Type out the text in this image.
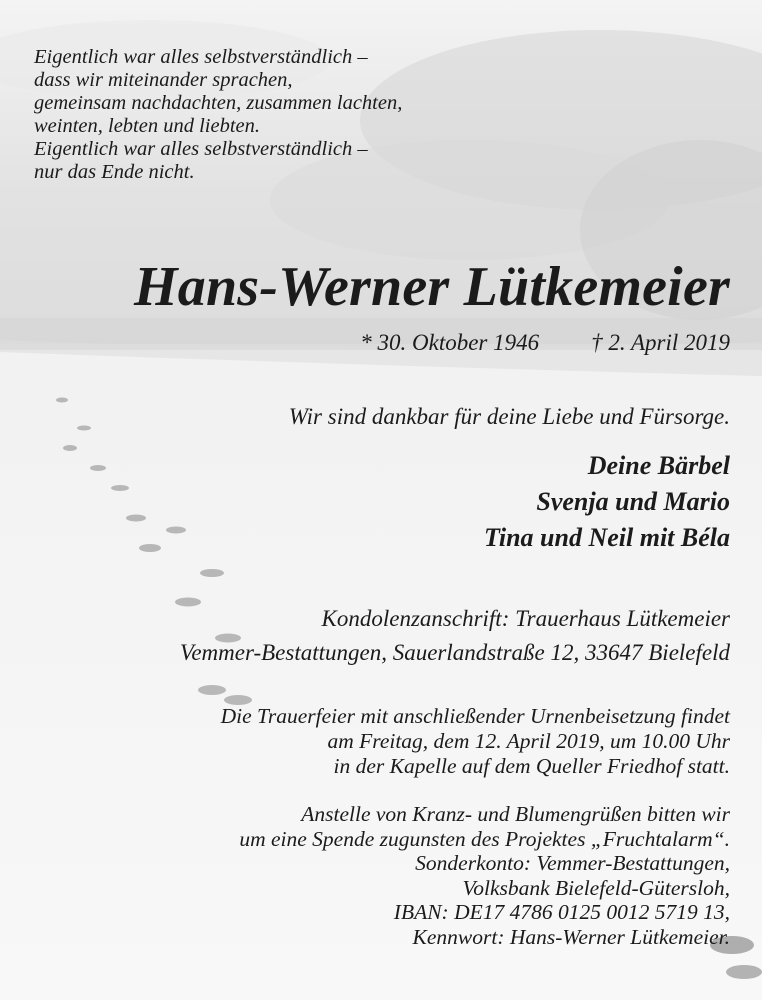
Eigentlich war alles selbstverständlich –
dass wir miteinander sprachen,
gemeinsam nachdachten, zusammen lachten,
weinten, lebten und liebten.
Eigentlich war alles selbstverständlich –
nur das Ende nicht.
Hans-Werner Lütkemeier
* 30. Oktober 1946 † 2. April 2019
Wir sind dankbar für deine Liebe und Fürsorge.
Deine Bärbel
Svenja und Mario
Tina und Neil mit Béla
Kondolenzanschrift: Trauerhaus Lütkemeier
Vemmer-Bestattungen, Sauerlandstraße 12, 33647 Bielefeld
Die Trauerfeier mit anschließender Urnenbeisetzung findet
am Freitag, dem 12. April 2019, um 10.00 Uhr
in der Kapelle auf dem Queller Friedhof statt.
Anstelle von Kranz- und Blumengrüßen bitten wir
um eine Spende zugunsten des Projektes „Fruchtalarm“.
Sonderkonto: Vemmer-Bestattungen,
Volksbank Bielefeld-Gütersloh,
IBAN: DE17 4786 0125 0012 5719 13,
Kennwort: Hans-Werner Lütkemeier.
